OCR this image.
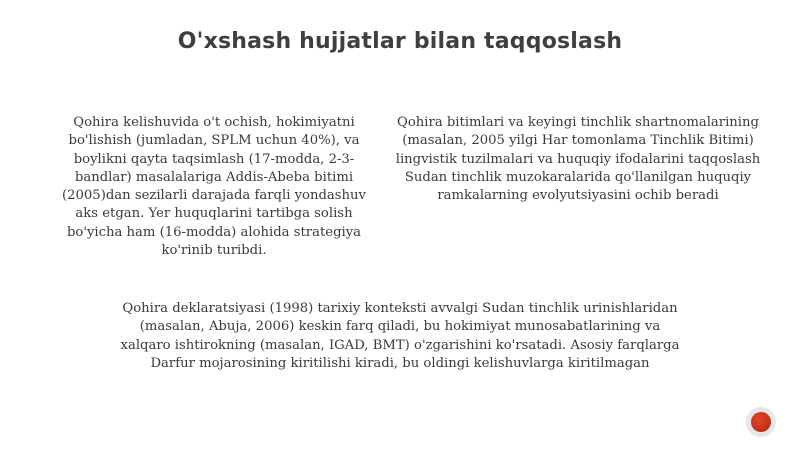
O'xshash hujjatlar bilan taqqoslash

Qohira kelishuvida o't ochish, hokimiyatni bo'lishish (jumladan, SPLM uchun 40%), va boylikni qayta taqsimlash (17-modda, 2-3-bandlar) masalalariga Addis-Abeba bitimi (2005)dan sezilarli darajada farqli yondashuv aks etgan. Yer huquqlarini tartibga solish bo'yicha ham (16-modda) alohida strategiya ko'rinib turibdi.

Qohira bitimlari va keyingi tinchlik shartnomalarining (masalan, 2005 yilgi Har tomonlama Tinchlik Bitimi) lingvistik tuzilmalari va huquqiy ifodalarini taqqoslash Sudan tinchlik muzokaralarida qo'llanilgan huquqiy ramkalarning evolyutsiyasini ochib beradi

Qohira deklaratsiyasi (1998) tarixiy konteksti avvalgi Sudan tinchlik urinishlaridan (masalan, Abuja, 2006) keskin farq qiladi, bu hokimiyat munosabatlarining va xalqaro ishtirokning (masalan, IGAD, BMT) o'zgarishini ko'rsatadi. Asosiy farqlarga Darfur mojarosining kiritilishi kiradi, bu oldingi kelishuvlarga kiritilmagan
